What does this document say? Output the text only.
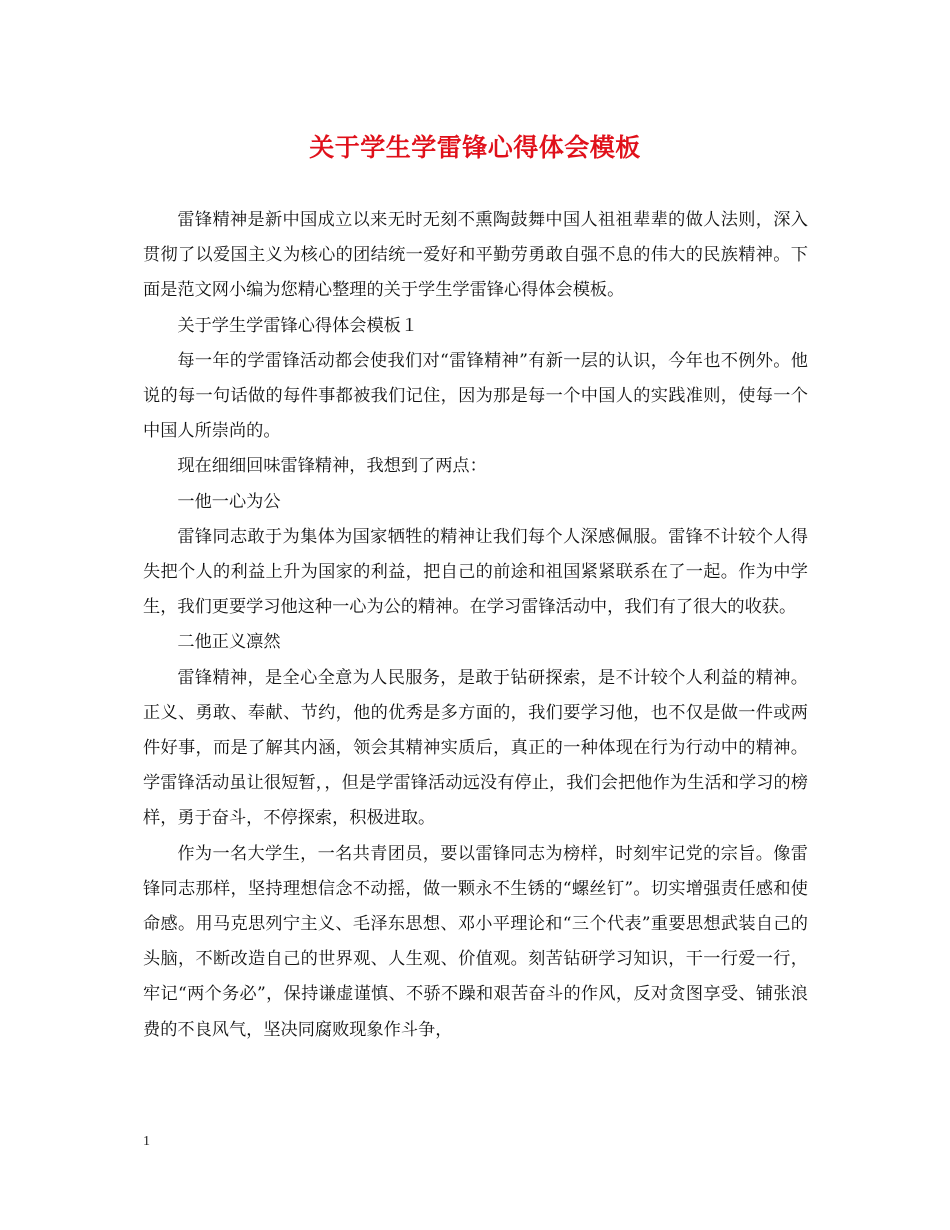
关于学生学雷锋心得体会模板

雷锋精神是新中国成立以来无时无刻不熏陶鼓舞中国人祖祖辈辈的做人法则，深入贯彻了以爱国主义为核心的团结统一爱好和平勤劳勇敢自强不息的伟大的民族精神。下面是范文网小编为您精心整理的关于学生学雷锋心得体会模板。

关于学生学雷锋心得体会模板１

每一年的学雷锋活动都会使我们对“雷锋精神”有新一层的认识，今年也不例外。他说的每一句话做的每件事都被我们记住，因为那是每一个中国人的实践准则，使每一个中国人所崇尚的。

现在细细回味雷锋精神，我想到了两点：

一他一心为公

雷锋同志敢于为集体为国家牺牲的精神让我们每个人深感佩服。雷锋不计较个人得失把个人的利益上升为国家的利益，把自己的前途和祖国紧紧联系在了一起。作为中学生，我们更要学习他这种一心为公的精神。在学习雷锋活动中，我们有了很大的收获。

二他正义凛然

雷锋精神，是全心全意为人民服务，是敢于钻研探索，是不计较个人利益的精神。正义、勇敢、奉献、节约，他的优秀是多方面的，我们要学习他，也不仅是做一件或两件好事，而是了解其内涵，领会其精神实质后，真正的一种体现在行为行动中的精神。学雷锋活动虽让很短暂，，但是学雷锋活动远没有停止，我们会把他作为生活和学习的榜样，勇于奋斗，不停探索，积极进取。

作为一名大学生，一名共青团员，要以雷锋同志为榜样，时刻牢记党的宗旨。像雷锋同志那样，坚持理想信念不动摇，做一颗永不生锈的“螺丝钉”。切实增强责任感和使命感。用马克思列宁主义、毛泽东思想、邓小平理论和“三个代表”重要思想武装自己的头脑，不断改造自己的世界观、人生观、价值观。刻苦钻研学习知识，干一行爱一行，牢记“两个务必”，保持谦虚谨慎、不骄不躁和艰苦奋斗的作风，反对贪图享受、铺张浪费的不良风气，坚决同腐败现象作斗争，

1
